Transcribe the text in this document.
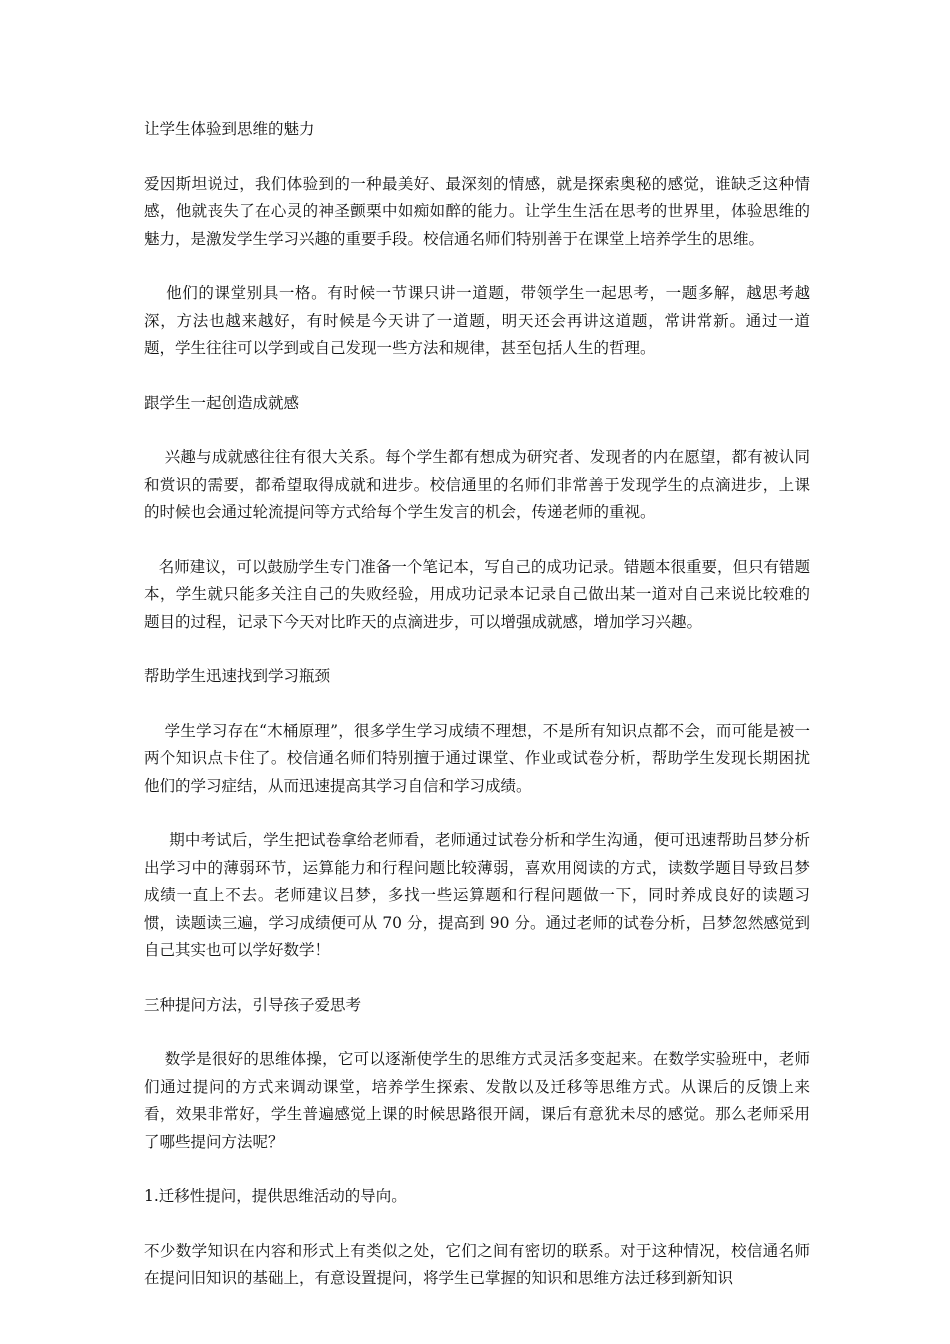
让学生体验到思维的魅力

爱因斯坦说过，我们体验到的一种最美好、最深刻的情感，就是探索奥秘的感觉，谁缺乏这种情感，他就丧失了在心灵的神圣颤栗中如痴如醉的能力。让学生生活在思考的世界里，体验思维的魅力，是激发学生学习兴趣的重要手段。校信通名师们特别善于在课堂上培养学生的思维。

他们的课堂别具一格。有时候一节课只讲一道题，带领学生一起思考，一题多解，越思考越深，方法也越来越好，有时候是今天讲了一道题，明天还会再讲这道题，常讲常新。通过一道题，学生往往可以学到或自己发现一些方法和规律，甚至包括人生的哲理。

跟学生一起创造成就感

兴趣与成就感往往有很大关系。每个学生都有想成为研究者、发现者的内在愿望，都有被认同和赏识的需要，都希望取得成就和进步。校信通里的名师们非常善于发现学生的点滴进步，上课的时候也会通过轮流提问等方式给每个学生发言的机会，传递老师的重视。

名师建议，可以鼓励学生专门准备一个笔记本，写自己的成功记录。错题本很重要，但只有错题本，学生就只能多关注自己的失败经验，用成功记录本记录自己做出某一道对自己来说比较难的题目的过程，记录下今天对比昨天的点滴进步，可以增强成就感，增加学习兴趣。

帮助学生迅速找到学习瓶颈

学生学习存在“木桶原理”，很多学生学习成绩不理想，不是所有知识点都不会，而可能是被一两个知识点卡住了。校信通名师们特别擅于通过课堂、作业或试卷分析，帮助学生发现长期困扰他们的学习症结，从而迅速提高其学习自信和学习成绩。

期中考试后，学生把试卷拿给老师看，老师通过试卷分析和学生沟通，便可迅速帮助吕梦分析出学习中的薄弱环节，运算能力和行程问题比较薄弱，喜欢用阅读的方式，读数学题目导致吕梦成绩一直上不去。老师建议吕梦，多找一些运算题和行程问题做一下，同时养成良好的读题习惯，读题读三遍，学习成绩便可从 70 分，提高到 90 分。通过老师的试卷分析，吕梦忽然感觉到自己其实也可以学好数学！

三种提问方法，引导孩子爱思考

数学是很好的思维体操，它可以逐渐使学生的思维方式灵活多变起来。在数学实验班中，老师们通过提问的方式来调动课堂，培养学生探索、发散以及迁移等思维方式。从课后的反馈上来看，效果非常好，学生普遍感觉上课的时候思路很开阔，课后有意犹未尽的感觉。那么老师采用了哪些提问方法呢？

1.迁移性提问，提供思维活动的导向。

不少数学知识在内容和形式上有类似之处，它们之间有密切的联系。对于这种情况，校信通名师在提问旧知识的基础上，有意设置提问，将学生已掌握的知识和思维方法迁移到新知识
